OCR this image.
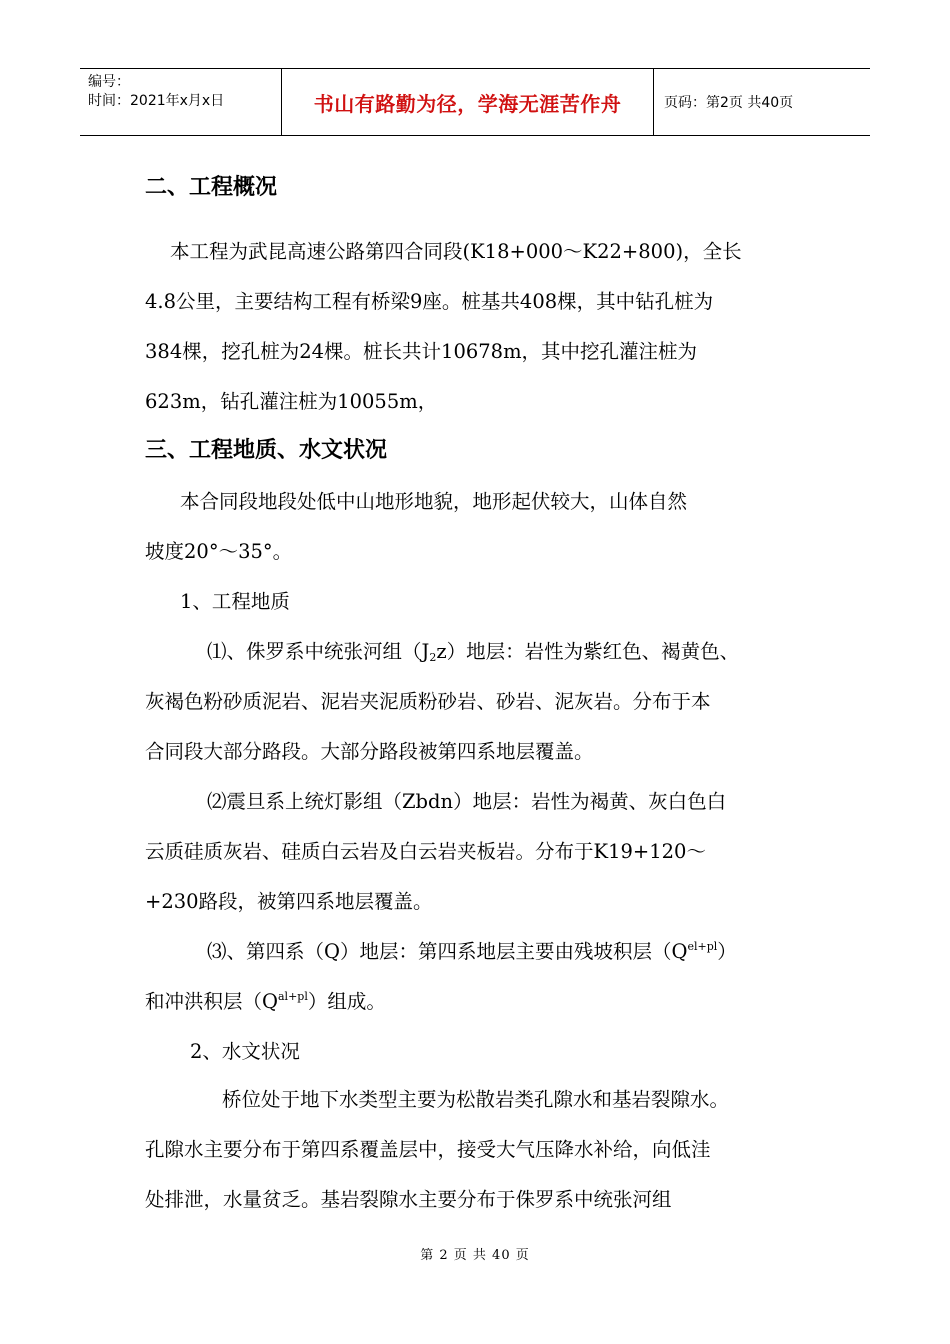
编号：
时间：2021年x月x日	书山有路勤为径，学海无涯苦作舟	页码：第2页 共40页
二、工程概况
本工程为武昆高速公路第四合同段(K18+000～K22+800)，全长
4.8公里，主要结构工程有桥梁9座。桩基共408棵，其中钻孔桩为
384棵，挖孔桩为24棵。桩长共计10678m，其中挖孔灌注桩为
623m，钻孔灌注桩为10055m，
三、工程地质、水文状况
本合同段地段处低中山地形地貌，地形起伏较大，山体自然
坡度20°～35°。
1、工程地质
⑴、侏罗系中统张河组$(J_2z)$地层：岩性为紫红色、褐黄色、
灰褐色粉砂质泥岩、泥岩夹泥质粉砂岩、砂岩、泥灰岩。分布于本
合同段大部分路段。大部分路段被第四系地层覆盖。
⑵震旦系上统灯影组（Zbdn）地层：岩性为褐黄、灰白色白
云质硅质灰岩、硅质白云岩及白云岩夹板岩。分布于K19+120～
+230路段，被第四系地层覆盖。
⑶、第四系（Q）地层：第四系地层主要由残坡积层$(Q^{el+pl})$
和冲洪积层$(Q^{al+pl})$组成。
2、水文状况
桥位处于地下水类型主要为松散岩类孔隙水和基岩裂隙水。
孔隙水主要分布于第四系覆盖层中，接受大气压降水补给，向低洼
处排泄，水量贫乏。基岩裂隙水主要分布于侏罗系中统张河组
第 2 页 共 40 页
